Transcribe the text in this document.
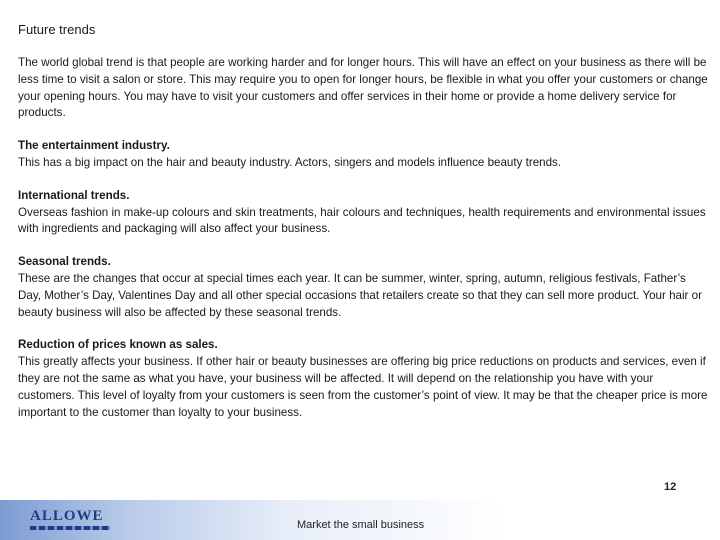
Future trends

The world global trend is that people are working harder and for longer hours. This will have an effect on your business as there will be less time to visit a salon or store. This may require you to open for longer hours, be flexible in what you offer your customers or change your opening hours. You may have to visit your customers and offer services in their home or provide a home delivery service for products.

The entertainment industry.

This has a big impact on the hair and beauty industry. Actors, singers and models influence beauty trends.

International trends.

Overseas fashion in make-up colours and skin treatments, hair colours and techniques, health requirements and environmental issues with ingredients and packaging will also affect your business.

Seasonal trends.

These are the changes that occur at special times each year. It can be summer, winter, spring, autumn, religious festivals, Father’s Day, Mother’s Day, Valentines Day and all other special occasions that retailers create so that they can sell more product. Your hair or beauty business will also be affected by these seasonal trends.

Reduction of prices known as sales.

This greatly affects your business. If other hair or beauty businesses are offering big price reductions on products and services, even if they are not the same as what you have, your business will be affected. It will depend on the relationship you have with your customers. This level of loyalty from your customers is seen from the customer’s point of view. It may be that the cheaper price is more important to the customer than loyalty to your business.

12
ALLOWE
Market the small business
